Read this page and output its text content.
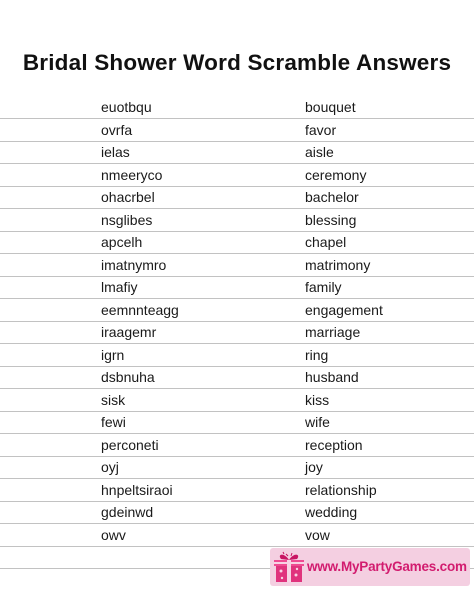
Bridal Shower Word Scramble Answers
euotbqu	bouquet
ovrfa	favor
ielas	aisle
nmeeryco	ceremony
ohacrbel	bachelor
nsglibes	blessing
apcelh	chapel
imatnymro	matrimony
lmafiy	family
eemnnteagg	engagement
iraagemr	marriage
igrn	ring
dsbnuha	husband
sisk	kiss
fewi	wife
perconeti	reception
oyj	joy
hnpeltsiraoi	relationship
gdeinwd	wedding
owv	vow
www.MyPartyGames.com
